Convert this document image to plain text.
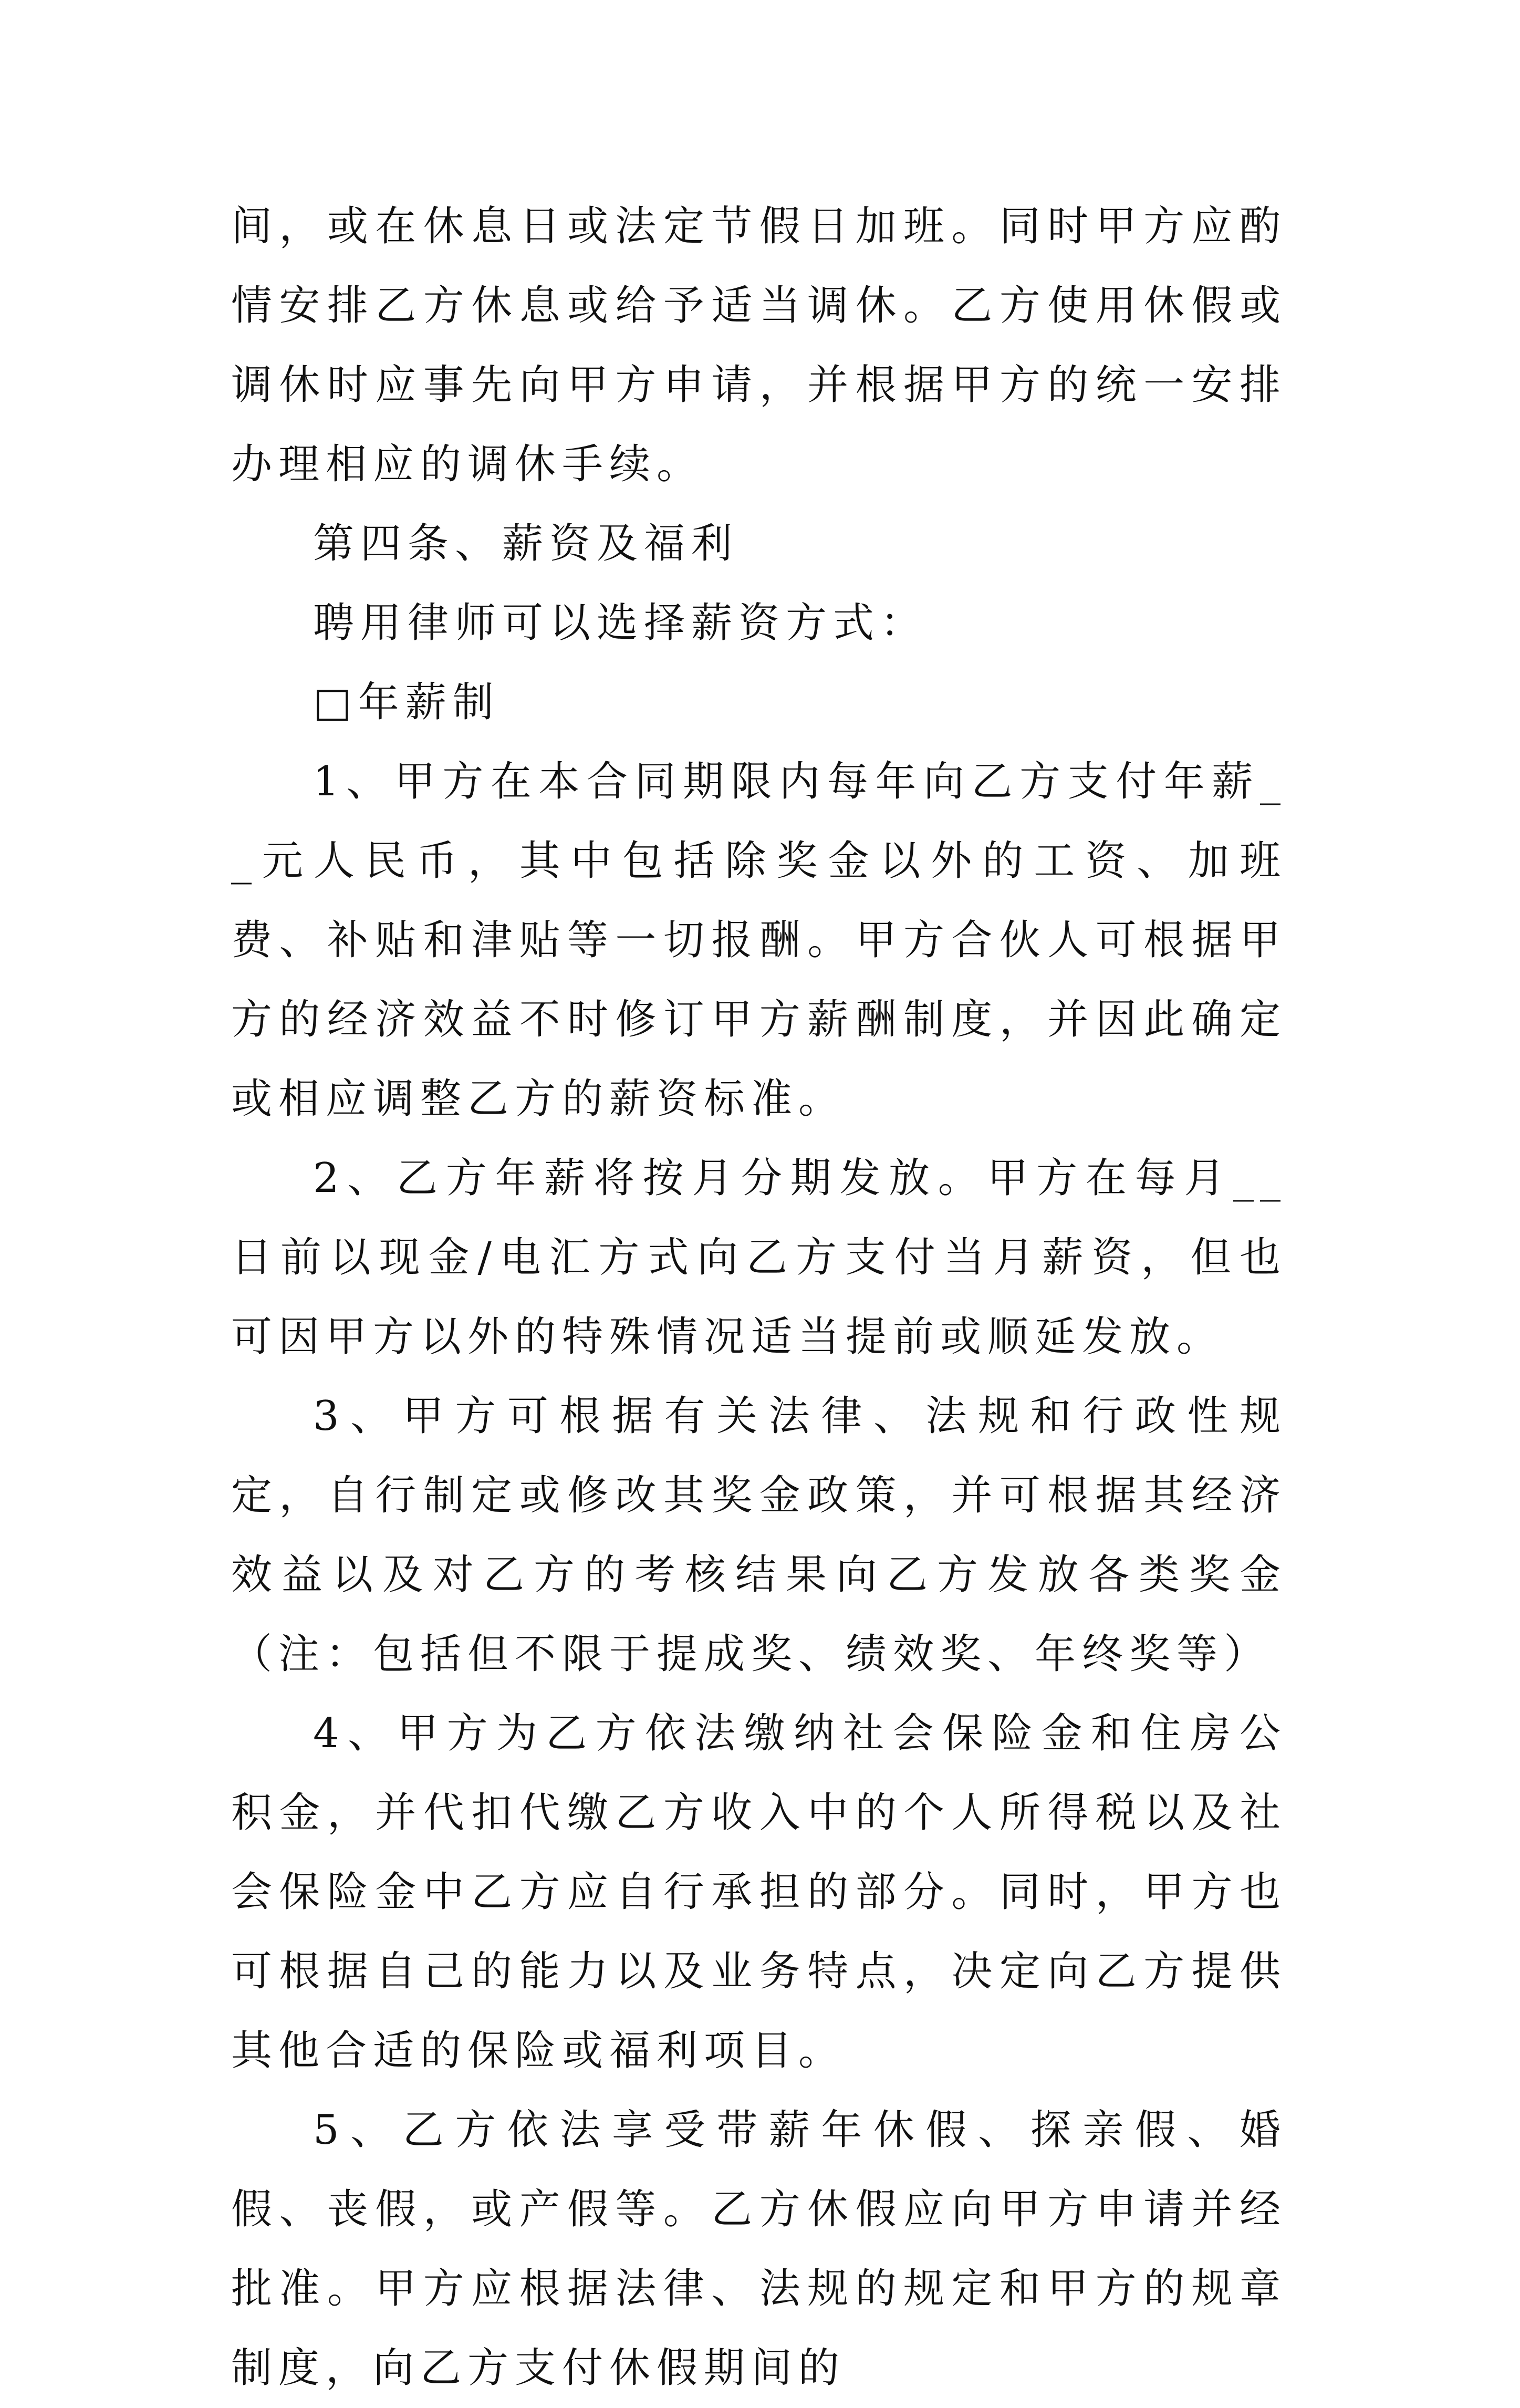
间，或在休息日或法定节假日加班。同时甲方应酌情安排乙方休息或给予适当调休。乙方使用休假或调休时应事先向甲方申请，并根据甲方的统一安排办理相应的调休手续。

第四条、薪资及福利

聘用律师可以选择薪资方式：

□年薪制

1、甲方在本合同期限内每年向乙方支付年薪__元人民币，其中包括除奖金以外的工资、加班费、补贴和津贴等一切报酬。甲方合伙人可根据甲方的经济效益不时修订甲方薪酬制度，并因此确定或相应调整乙方的薪资标准。

2、乙方年薪将按月分期发放。甲方在每月__日前以现金/电汇方式向乙方支付当月薪资，但也可因甲方以外的特殊情况适当提前或顺延发放。

3、甲方可根据有关法律、法规和行政性规定，自行制定或修改其奖金政策，并可根据其经济效益以及对乙方的考核结果向乙方发放各类奖金（注：包括但不限于提成奖、绩效奖、年终奖等）

4、甲方为乙方依法缴纳社会保险金和住房公积金，并代扣代缴乙方收入中的个人所得税以及社会保险金中乙方应自行承担的部分。同时，甲方也可根据自己的能力以及业务特点，决定向乙方提供其他合适的保险或福利项目。

5、乙方依法享受带薪年休假、探亲假、婚假、丧假，或产假等。乙方休假应向甲方申请并经批准。甲方应根据法律、法规的规定和甲方的规章制度，向乙方支付休假期间的
